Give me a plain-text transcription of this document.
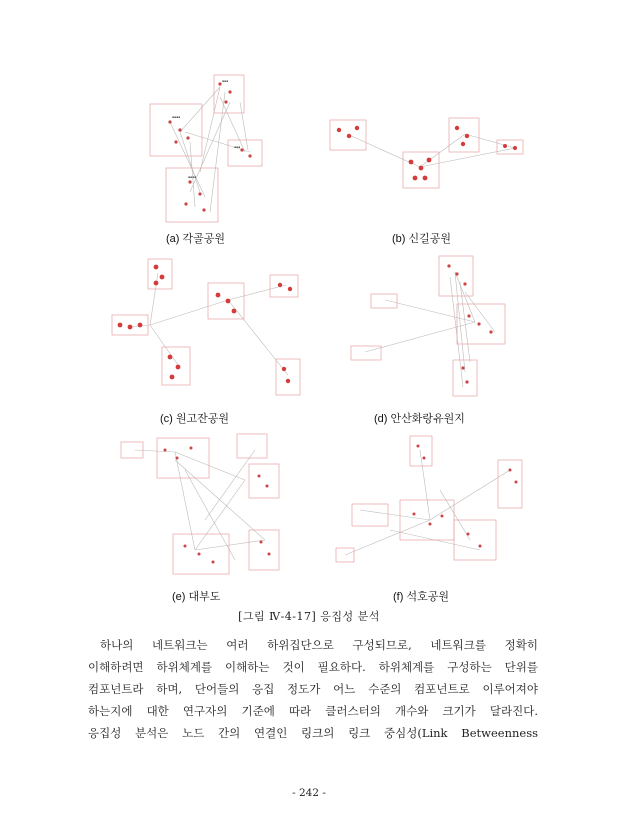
▪▪▪
▪▪▪▪
▪▪▪
▪▪▪▪
(a) 각골공원	(b) 신길공원
(c) 원고잔공원	(d) 안산화랑유원지
(e) 대부도	(f) 석호공원
[그림 Ⅳ-4-17] 응집성 분석

하나의 네트워크는 여러 하위집단으로 구성되므로, 네트워크를 정확히
이해하려면 하위체계를 이해하는 것이 필요하다. 하위체계를 구성하는 단위를
컴포넌트라 하며, 단어들의 응집 정도가 어느 수준의 컴포넌트로 이루어져야
하는지에 대한 연구자의 기준에 따라 클러스터의 개수와 크기가 달라진다.
응집성 분석은 노드 간의 연결인 링크의 링크 중심성(Link Betweenness

- 242 -
